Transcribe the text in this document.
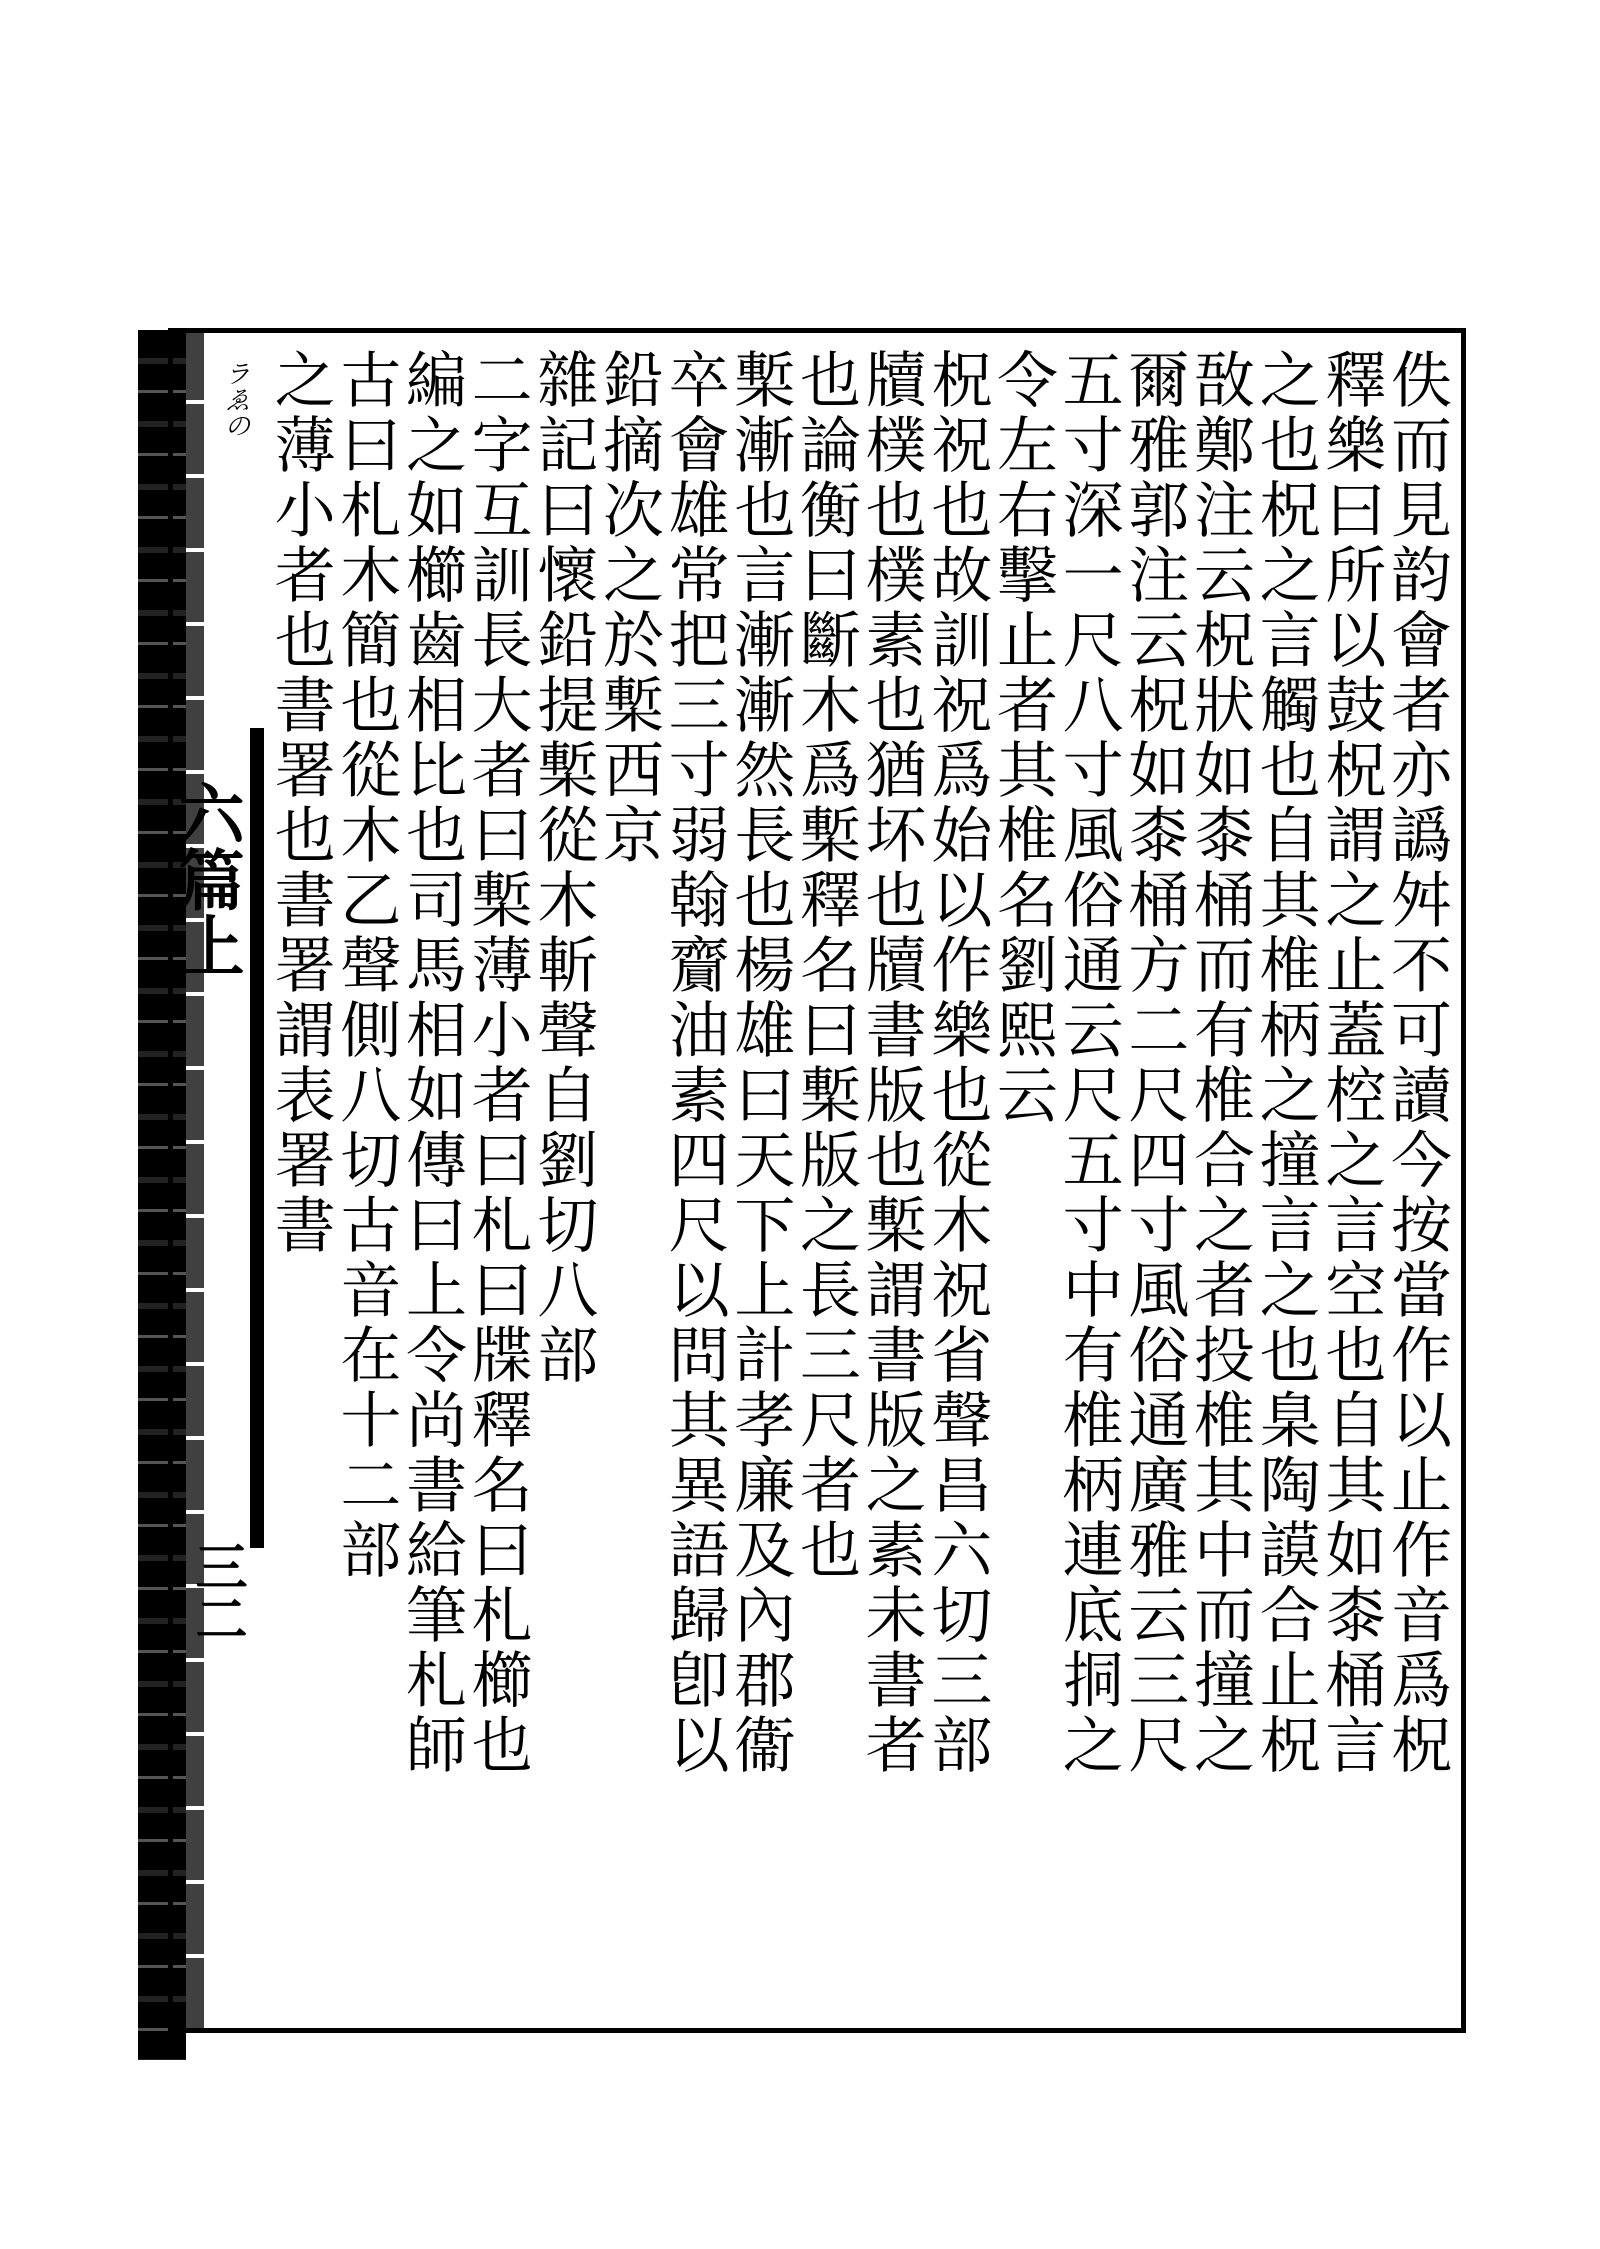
ラゑの
六篇上
三二	佚而見韵會者亦譌舛不可讀今按當作以止作音爲柷
釋樂曰所以鼓柷謂之止蓋椌之言空也自其如桼桶言
之也柷之言觸也自其椎柄之撞言之也臬陶謨合止柷
敔鄭注云柷狀如桼桶而有椎合之者投椎其中而撞之
爾雅郭注云柷如桼桶方二尺四寸風俗通廣雅云三尺
五寸深一尺八寸風俗通云尺五寸中有椎柄連底挏之
令左右擊止者其椎名劉熙云
柷祝也故訓祝爲始以作樂也從木祝省聲昌六切三部
牘樸也樸素也猶坏也牘書版也槧謂書版之素未書者
也論衡曰斷木爲槧釋名曰槧版之長三尺者也
槧漸也言漸漸然長也楊雄曰天下上計孝廉及內郡衞
卒會雄常把三寸弱翰齎油素四尺以問其異語歸卽以
鉛摘次之於槧西京
雜記曰懷鉛提槧從木斬聲自劉切八部
二字互訓長大者曰槧薄小者曰札曰牒釋名曰札櫛也
編之如櫛齒相比也司馬相如傳曰上令尚書給筆札師
古曰札木簡也從木乙聲側八切古音在十二部
之薄小者也書署也書署謂表署書
